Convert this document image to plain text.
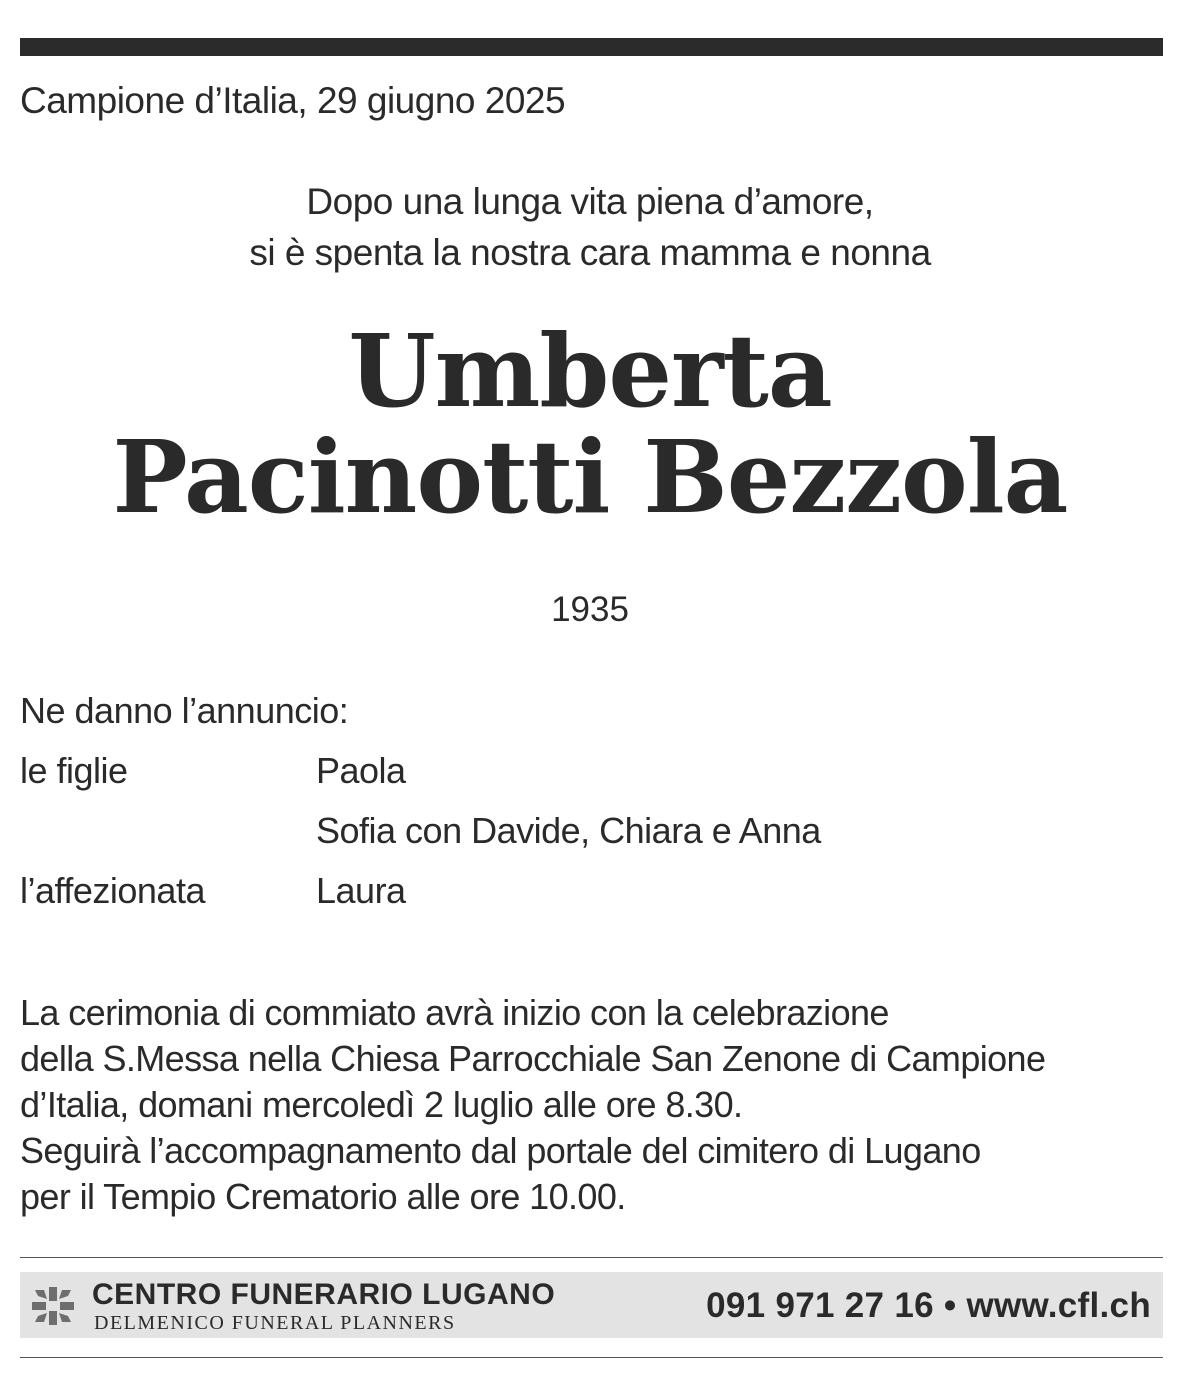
Campione d’Italia, 29 giugno 2025
Dopo una lunga vita piena d’amore,
si è spenta la nostra cara mamma e nonna
Umberta
Pacinotti Bezzola
1935
Ne danno l’annuncio:
le figlie	Paola
Sofia con Davide, Chiara e Anna
l’affezionata	Laura
La cerimonia di commiato avrà inizio con la celebrazione
della S.Messa nella Chiesa Parrocchiale San Zenone di Campione
d’Italia, domani mercoledì 2 luglio alle ore 8.30.
Seguirà l’accompagnamento dal portale del cimitero di Lugano
per il Tempio Crematorio alle ore 10.00.
CENTRO FUNERARIO LUGANO
DELMENICO FUNERAL PLANNERS	091 971 27 16 • www.cfl.ch
